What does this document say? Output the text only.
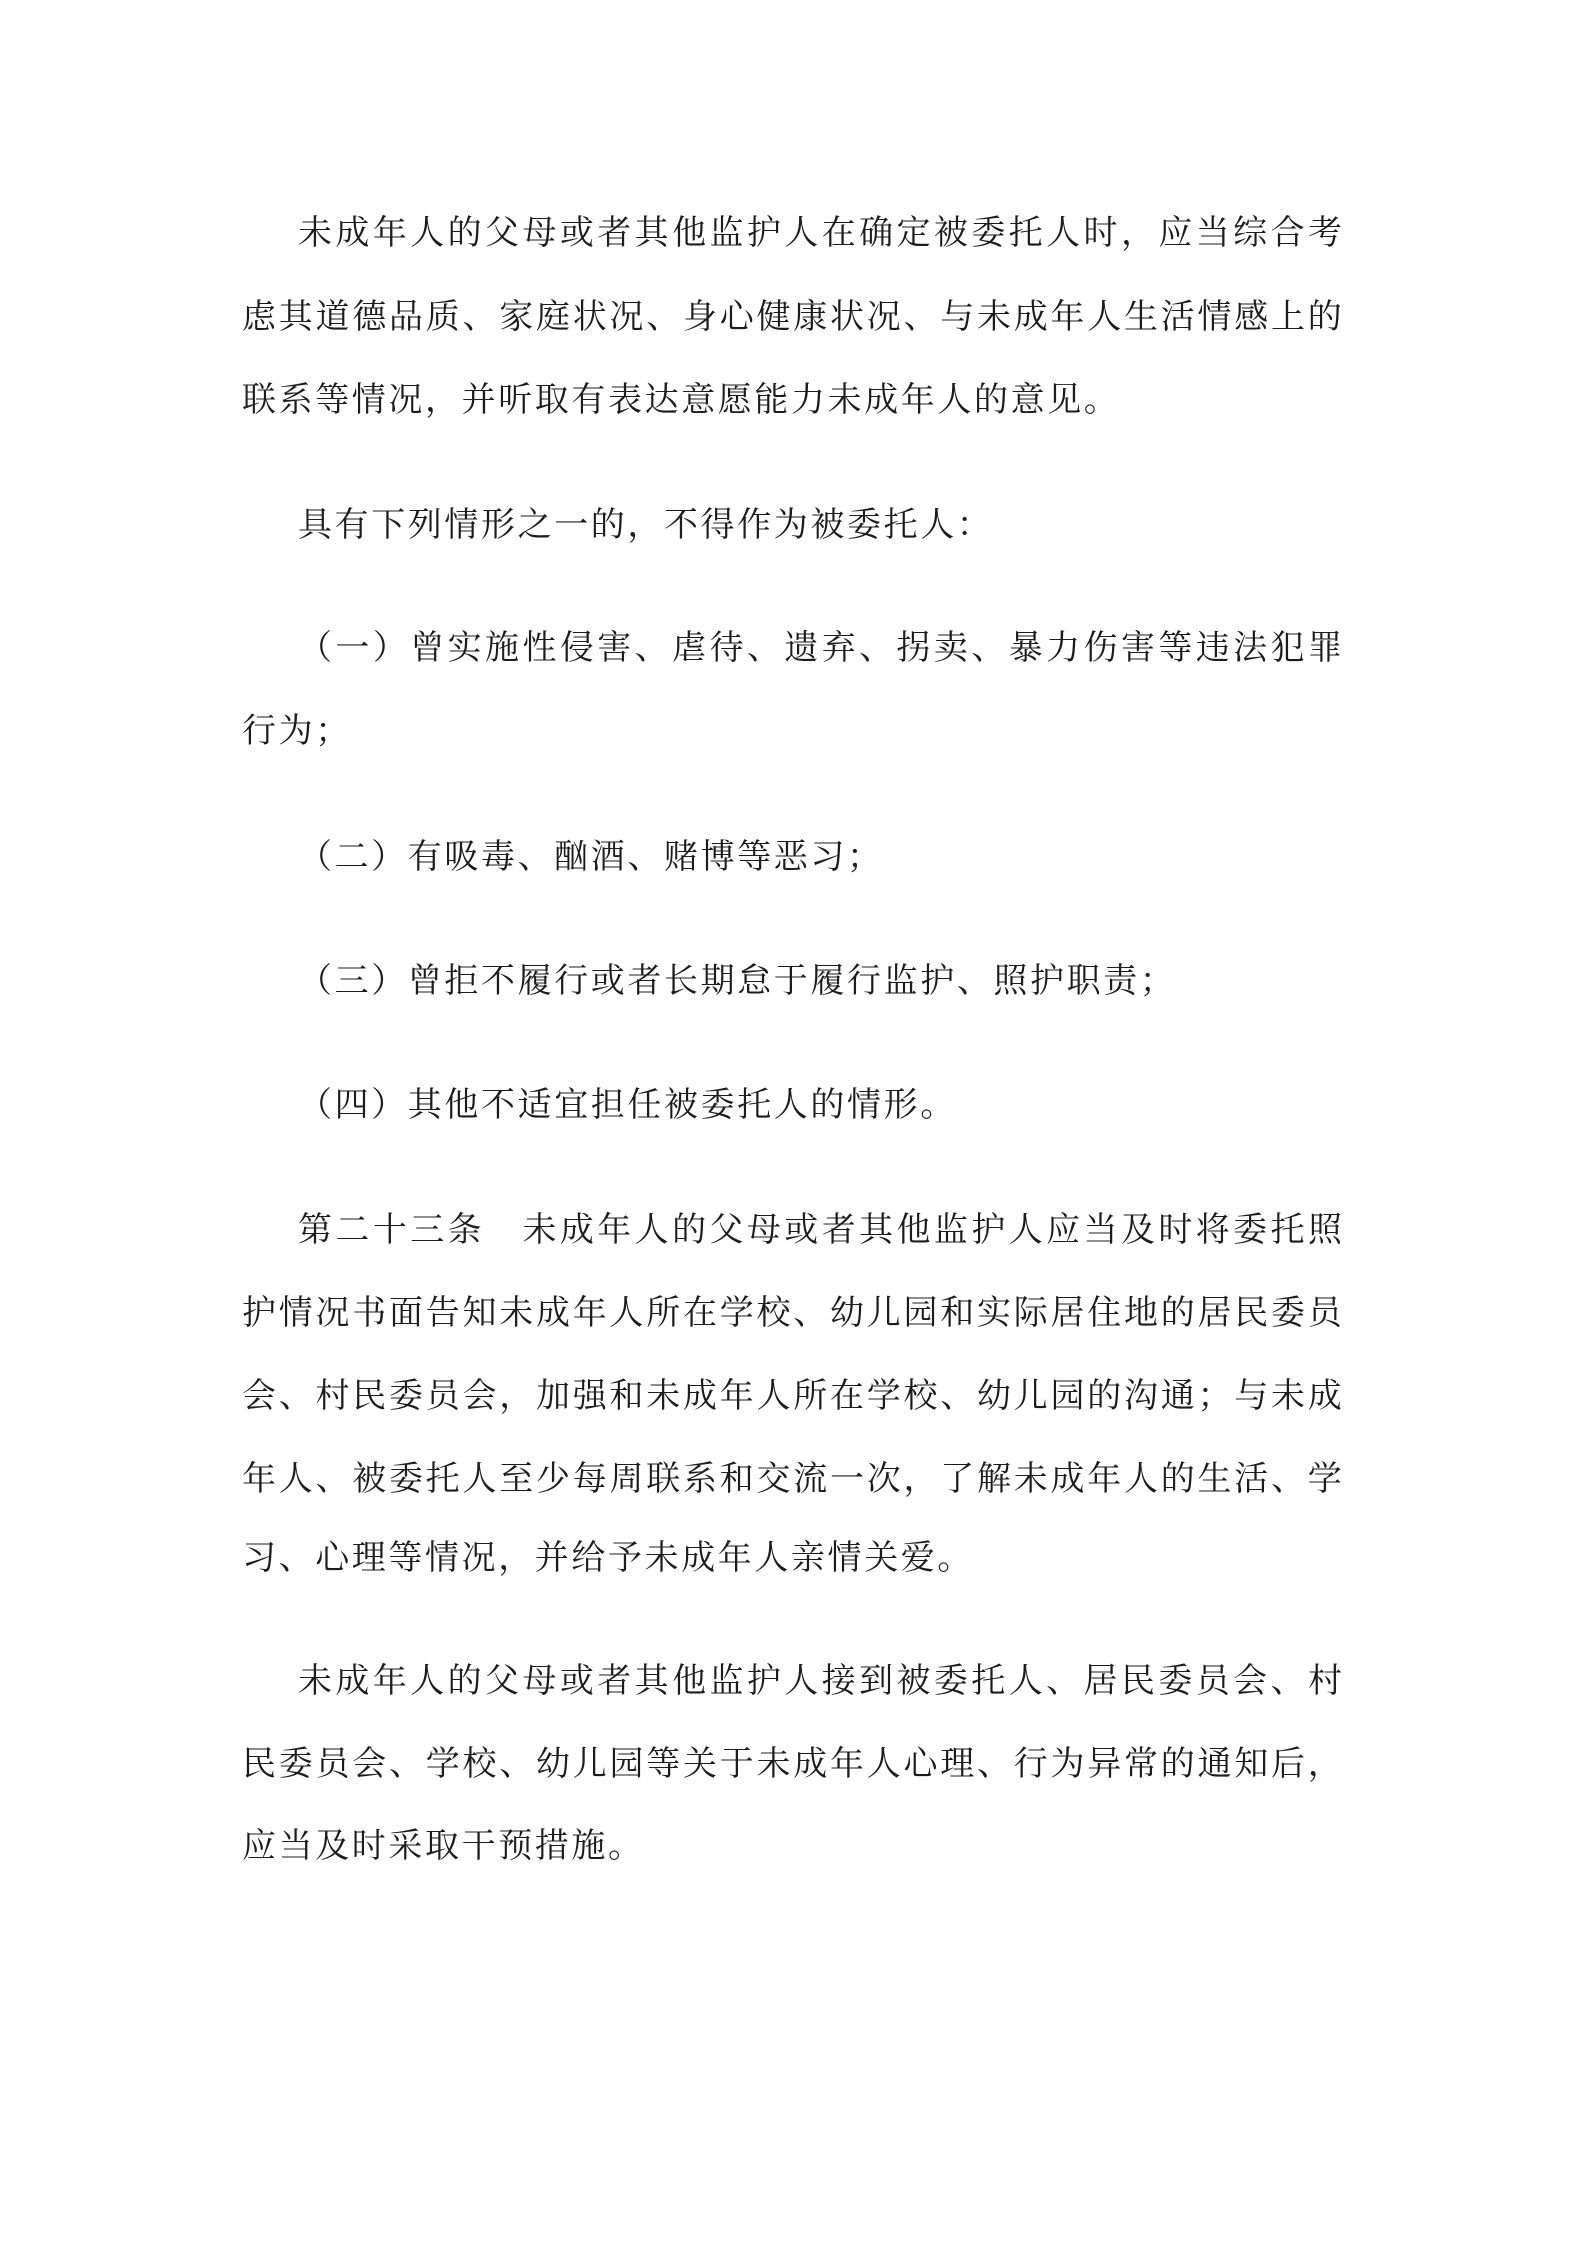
未 成 年 人 的 父 母 或 者 其 他 监 护 人 在 确 定 被 委 托 人 时 ， 应 当 综 合 考
虑 其 道 德 品 质 、 家 庭 状 况 、 身 心 健 康 状 况 、 与 未 成 年 人 生 活 情 感 上 的
联系等情况，并听取有表达意愿能力未成年人的意见。
具有下列情形之一的，不得作为被委托人：
（ 一 ） 曾 实 施 性 侵 害 、 虐 待 、 遗 弃 、 拐 卖 、 暴 力 伤 害 等 违 法 犯 罪
行为；
（二）有吸毒、酗酒、赌博等恶习；
（三）曾拒不履行或者长期怠于履行监护、照护职责；
（四）其他不适宜担任被委托人的情形。
第 二 十 三 条
　 未 成 年 人 的 父 母 或 者 其 他 监 护 人 应 当 及 时 将 委 托 照
护 情 况 书 面 告 知 未 成 年 人 所 在 学 校 、 幼 儿 园 和 实 际 居 住 地 的 居 民 委 员
会 、 村 民 委 员 会 ， 加 强 和 未 成 年 人 所 在 学 校 、 幼 儿 园 的 沟 通 ； 与 未 成
年 人 、 被 委 托 人 至 少 每 周 联 系 和 交 流 一 次 ， 了 解 未 成 年 人 的 生 活 、 学
习、心理等情况，并给予未成年人亲情关爱。
未 成 年 人 的 父 母 或 者 其 他 监 护 人 接 到 被 委 托 人 、 居 民 委 员 会 、 村
民 委 员 会 、 学 校 、 幼 儿 园 等 关 于 未 成 年 人 心 理 、 行 为 异 常 的 通 知 后 ，
应当及时采取干预措施。
